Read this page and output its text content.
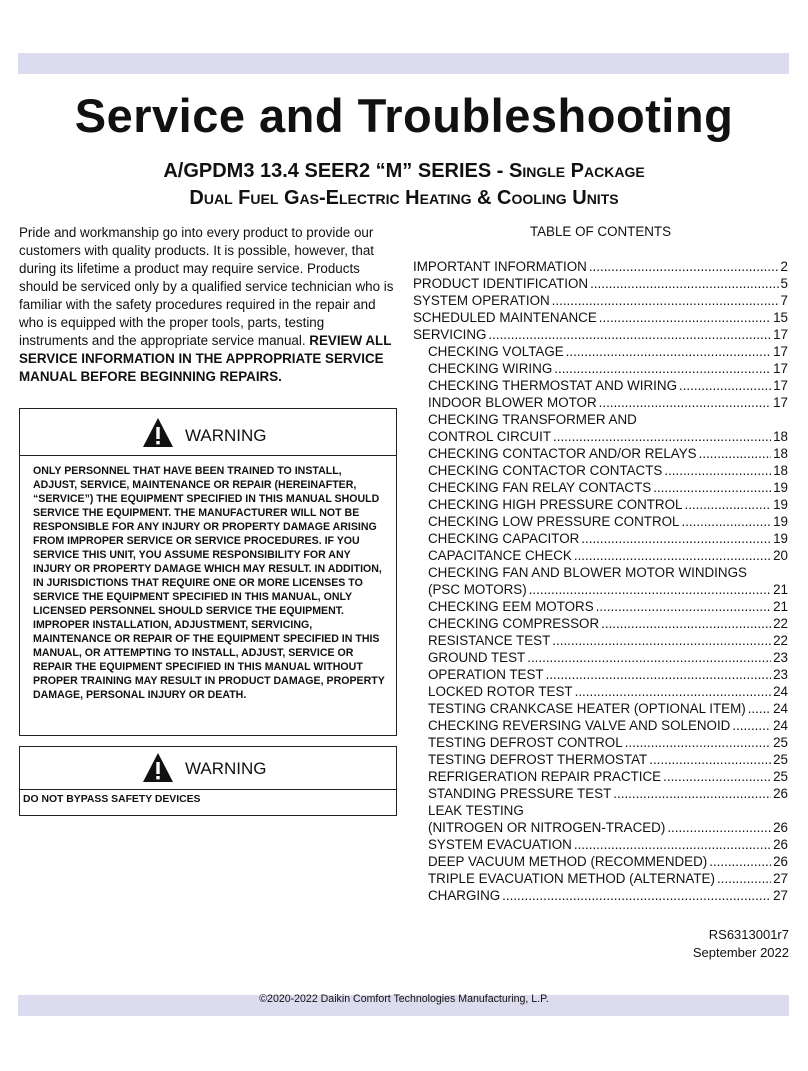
Service and Troubleshooting

A/GPDM3 13.4 SEER2 “M” SERIES - Single Package

Dual Fuel Gas-Electric Heating & Cooling Units

Pride and workmanship go into every product to provide our customers with quality products. It is possible, however, that during its lifetime a product may require service. Products should be serviced only by a qualified service technician who is familiar with the safety procedures required in the repair and who is equipped with the proper tools, parts, testing instruments and the appropriate service manual. REVIEW ALL SERVICE INFORMATION IN THE APPROPRIATE SERVICE MANUAL BEFORE BEGINNING REPAIRS.

WARNING
ONLY PERSONNEL THAT HAVE BEEN TRAINED TO INSTALL, ADJUST, SERVICE, MAINTENANCE OR REPAIR (HEREINAFTER, “SERVICE”) THE EQUIPMENT SPECIFIED IN THIS MANUAL SHOULD SERVICE THE EQUIPMENT. THE MANUFACTURER WILL NOT BE RESPONSIBLE FOR ANY INJURY OR PROPERTY DAMAGE ARISING FROM IMPROPER SERVICE OR SERVICE PROCEDURES. IF YOU SERVICE THIS UNIT, YOU ASSUME RESPONSIBILITY FOR ANY INJURY OR PROPERTY DAMAGE WHICH MAY RESULT. IN ADDITION, IN JURISDICTIONS THAT REQUIRE ONE OR MORE LICENSES TO SERVICE THE EQUIPMENT SPECIFIED IN THIS MANUAL, ONLY LICENSED PERSONNEL SHOULD SERVICE THE EQUIPMENT. IMPROPER INSTALLATION, ADJUSTMENT, SERVICING, MAINTENANCE OR REPAIR OF THE EQUIPMENT SPECIFIED IN THIS MANUAL, OR ATTEMPTING TO INSTALL, ADJUST, SERVICE OR REPAIR THE EQUIPMENT SPECIFIED IN THIS MANUAL WITHOUT PROPER TRAINING MAY RESULT IN PRODUCT DAMAGE, PROPERTY DAMAGE, PERSONAL INJURY OR DEATH.
WARNING
DO NOT BYPASS SAFETY DEVICES

TABLE OF CONTENTS

IMPORTANT INFORMATION .....	2
PRODUCT IDENTIFICATION .....	5
SYSTEM OPERATION .....	7
SCHEDULED MAINTENANCE .....	15
SERVICING .....	17
CHECKING VOLTAGE .....	17
CHECKING WIRING .....	17
CHECKING THERMOSTAT AND WIRING .....	17
INDOOR BLOWER MOTOR .....	17
CHECKING TRANSFORMER AND
CONTROL CIRCUIT .....	18
CHECKING CONTACTOR AND/OR RELAYS .....	18
CHECKING CONTACTOR CONTACTS .....	18
CHECKING FAN RELAY CONTACTS .....	19
CHECKING HIGH PRESSURE CONTROL .....	19
CHECKING LOW PRESSURE CONTROL .....	19
CHECKING CAPACITOR .....	19
CAPACITANCE CHECK .....	20
CHECKING FAN AND BLOWER MOTOR WINDINGS
(PSC MOTORS) .....	21
CHECKING EEM MOTORS .....	21
CHECKING COMPRESSOR .....	22
RESISTANCE TEST .....	22
GROUND TEST .....	23
OPERATION TEST .....	23
LOCKED ROTOR TEST .....	24
TESTING CRANKCASE HEATER (OPTIONAL ITEM) ..... 24
CHECKING REVERSING VALVE AND SOLENOID .....	24
TESTING DEFROST CONTROL .....	25
TESTING DEFROST THERMOSTAT .....	25
REFRIGERATION REPAIR PRACTICE .....	25
STANDING PRESSURE TEST .....	26
LEAK TESTING
(NITROGEN OR NITROGEN-TRACED) .....	26
SYSTEM EVACUATION .....	26
DEEP VACUUM METHOD (RECOMMENDED) .....	26
TRIPLE EVACUATION METHOD (ALTERNATE) .....	27
CHARGING .....	27
RS6313001r7
September 2022
©2020-2022 Daikin Comfort Technologies Manufacturing, L.P.
